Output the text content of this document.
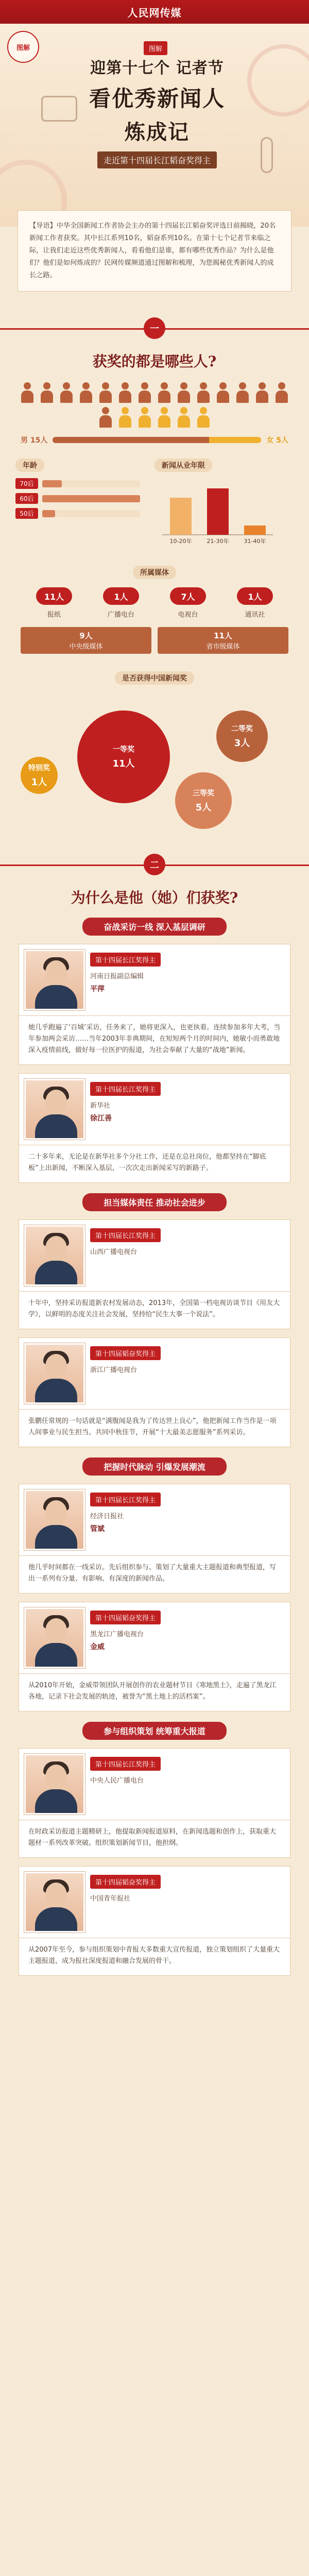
人民网传媒
图解	图解 迎第十七个 记者节
看优秀新闻人
炼成记
走近第十四届长江韬奋奖得主
【导语】中华全国新闻工作者协会主办的第十四届长江韬奋奖评选日前揭晓，20名新闻工作者获奖。其中长江系列10名，韬奋系列10名。在第十七个记者节来临之际，让我们走近这些优秀新闻人，看看他们是谁，都有哪些优秀作品？为什么是他们？他们是如何炼成的？民网传媒频道通过图解和梳理，为您揭秘优秀新闻人的成长之路。
一
获奖的都是哪些人?
男 15人	女 5人
年龄
70后
60后
50后
新闻从业年限
10-20年	21-30年	31-40年
所属媒体
11人
报纸
1人
广播电台
7人
电视台
1人
通讯社
9人
中央级媒体
11人
省市级媒体
是否获得中国新闻奖
特别奖
1人
一等奖
11人
二等奖
3人
三等奖
5人
二
为什么是他（她）们获奖?
奋战采访一线 深入基层调研
第十四届长江奖得主
河南日报副总编辑
平萍
她几乎跑遍了‘百城’采访，任务来了，她将更深入，也更执着。连续参加多年大考，当年参加两会采访……当年2003年非典期间，在短短两个月的时间内，她敏小而勇敢地深入疫情前线，做好每一位医护的报道，为社会奉献了大量的“战地”新闻。
第十四届长江奖得主
新华社
徐江善
二十多年来，无论是在新华社多个分社工作，还是在总社岗位，他都坚持在“脚底板”上出新闻，不断深入基层，一次次走出新闻采写的新路子。
担当媒体责任 推动社会进步
第十四届长江奖得主
山西广播电视台
十年中，坚持采访报道新农村发展动态，2013年，全国第一档电视访谈节目《用友大学》，以鲜明的态度关注社会发展，坚持给“民生大事一个说法”。
第十四届韬奋奖得主
浙江广播电视台
张鹏任常规的一句话就是“满腹闻是我为了传达世上良心”，他把新闻工作当作是一项人间事业与民生担当。共同中秋佳节，开展“十大最美志愿服务”系列采访。
把握时代脉动 引爆发展潮流
第十四届长江奖得主
经济日报社
管斌
他几乎时间都在一线采访。先后组织参与、策划了大量重大主题报道和典型报道，写出一系列有分量、有影响、有深度的新闻作品。
第十四届韬奋奖得主
黑龙江广播电视台
金威
从2010年开始，金威带领团队开展创作的农业题材节目《寒地黑土》，走遍了黑龙江各地，记录下社会发展的轨迹，被誉为“黑土地上的活档案”。
参与组织策划 统筹重大报道
第十四届长江奖得主
中央人民广播电台
在时政采访报道主题精研上，他提取新闻报道原料，在新闻选题和创作上，获取重大题材一系列改革突破。组织策划新闻节目，他担纲。
第十四届韬奋奖得主
中国青年报社
从2007年至今，参与组织策划中青报大多数重大宣传报道，独立策划组织了大量重大主题报道，成为报社深度报道和融合发展的骨干。
